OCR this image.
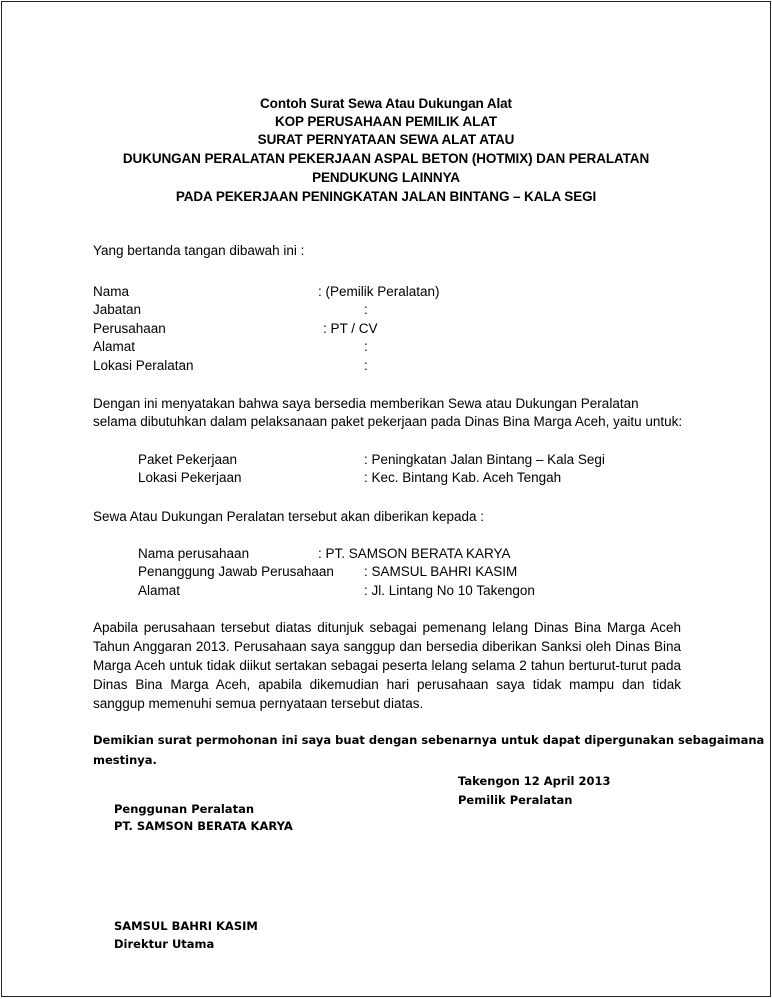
Contoh Surat Sewa Atau Dukungan Alat
KOP PERUSAHAAN PEMILIK ALAT
SURAT PERNYATAAN SEWA ALAT ATAU
DUKUNGAN PERALATAN PEKERJAAN ASPAL BETON (HOTMIX) DAN PERALATAN
PENDUKUNG LAINNYA
PADA PEKERJAAN PENINGKATAN JALAN BINTANG – KALA SEGI
Yang bertanda tangan dibawah ini :
Nama	: (Pemilik Peralatan)
Jabatan	:
Perusahaan	: PT / CV
Alamat	:
Lokasi Peralatan	:
Dengan ini menyatakan bahwa saya bersedia memberikan Sewa atau Dukungan Peralatan
selama dibutuhkan dalam pelaksanaan paket pekerjaan pada Dinas Bina Marga Aceh, yaitu untuk:
Paket Pekerjaan	: Peningkatan Jalan Bintang – Kala Segi
Lokasi Pekerjaan	: Kec. Bintang Kab. Aceh Tengah
Sewa Atau Dukungan Peralatan tersebut akan diberikan kepada :
Nama perusahaan	: PT. SAMSON BERATA KARYA
Penanggung Jawab Perusahaan : SAMSUL BAHRI KASIM
Alamat	: Jl. Lintang No 10 Takengon
Apabila perusahaan tersebut diatas ditunjuk sebagai pemenang lelang Dinas Bina Marga Aceh
Tahun Anggaran 2013. Perusahaan saya sanggup dan bersedia diberikan Sanksi oleh Dinas Bina
Marga Aceh untuk tidak diikut sertakan sebagai peserta lelang selama 2 tahun berturut-turut pada
Dinas Bina Marga Aceh, apabila dikemudian hari perusahaan saya tidak mampu dan tidak
sanggup memenuhi semua pernyataan tersebut diatas.
Demikian surat permohonan ini saya buat dengan sebenarnya untuk dapat dipergunakan sebagaimana
mestinya.
Takengon 12 April 2013
Pemilik Peralatan
Penggunan Peralatan
PT. SAMSON BERATA KARYA
SAMSUL BAHRI KASIM
Direktur Utama
